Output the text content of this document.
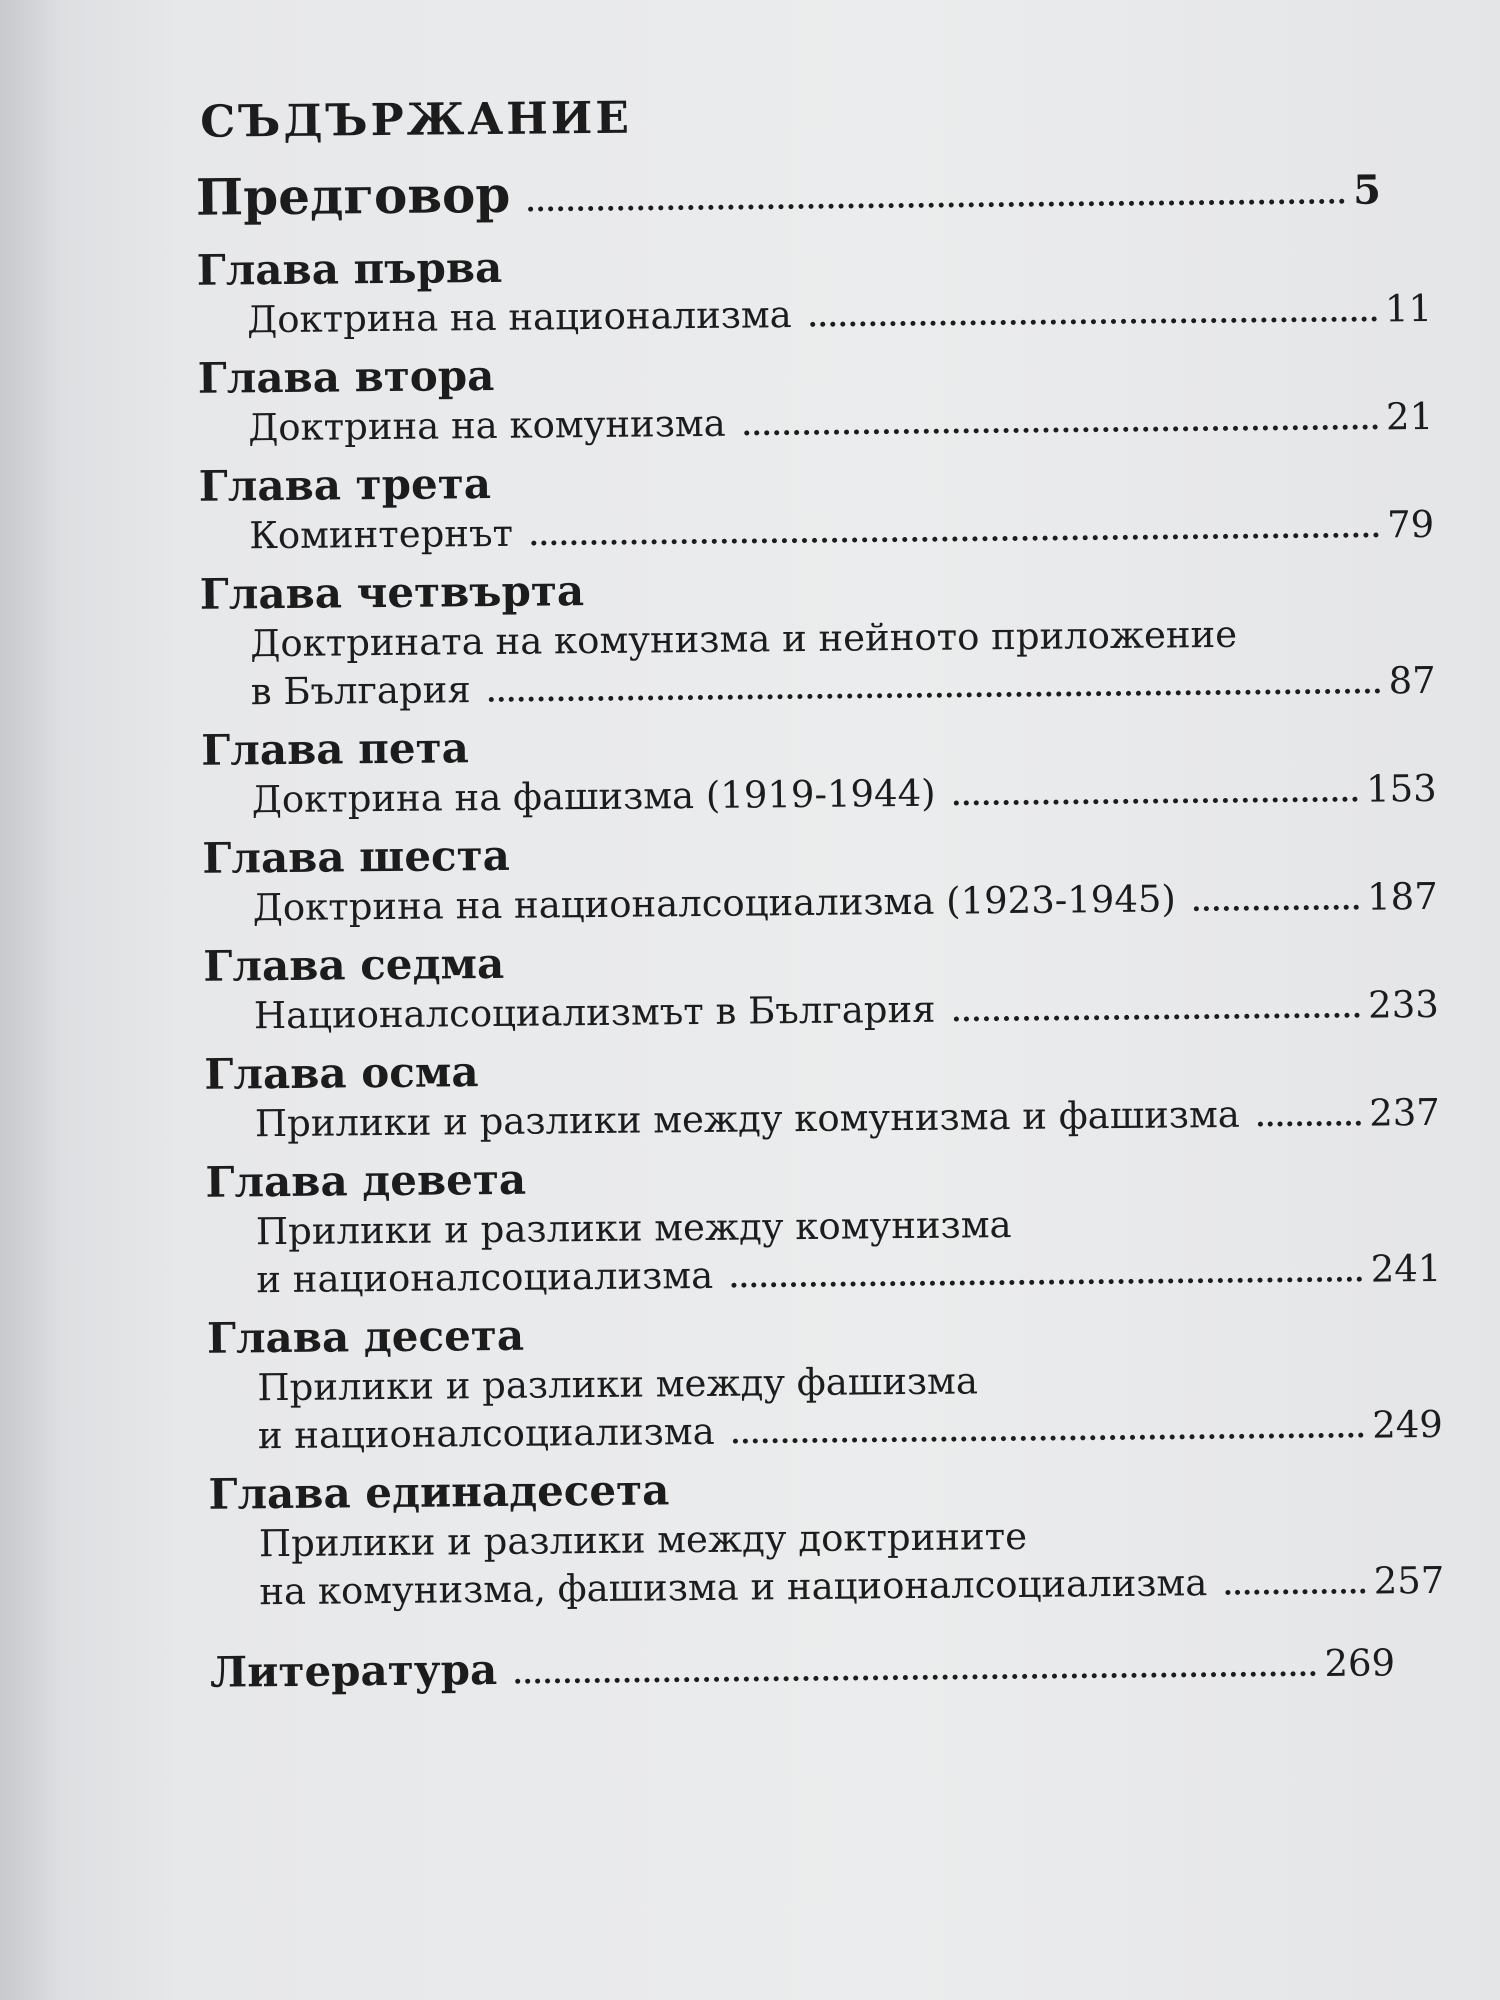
СЪДЪРЖАНИЕ
Предговор	5
Глава първа
Доктрина на национализма	11
Глава втора
Доктрина на комунизма	21
Глава трета
Коминтернът	79
Глава четвърта
Доктрината на комунизма и нейното приложение
в България	87
Глава пета
Доктрина на фашизма (1919-1944)	153
Глава шеста
Доктрина на националсоциализма (1923-1945)	187
Глава седма
Националсоциализмът в България	233
Глава осма
Прилики и разлики между комунизма и фашизма	237
Глава девета
Прилики и разлики между комунизма
и националсоциализма	241
Глава десета
Прилики и разлики между фашизма
и националсоциализма	249
Глава единадесета
Прилики и разлики между доктрините
на комунизма, фашизма и националсоциализма	257
Литература	269
